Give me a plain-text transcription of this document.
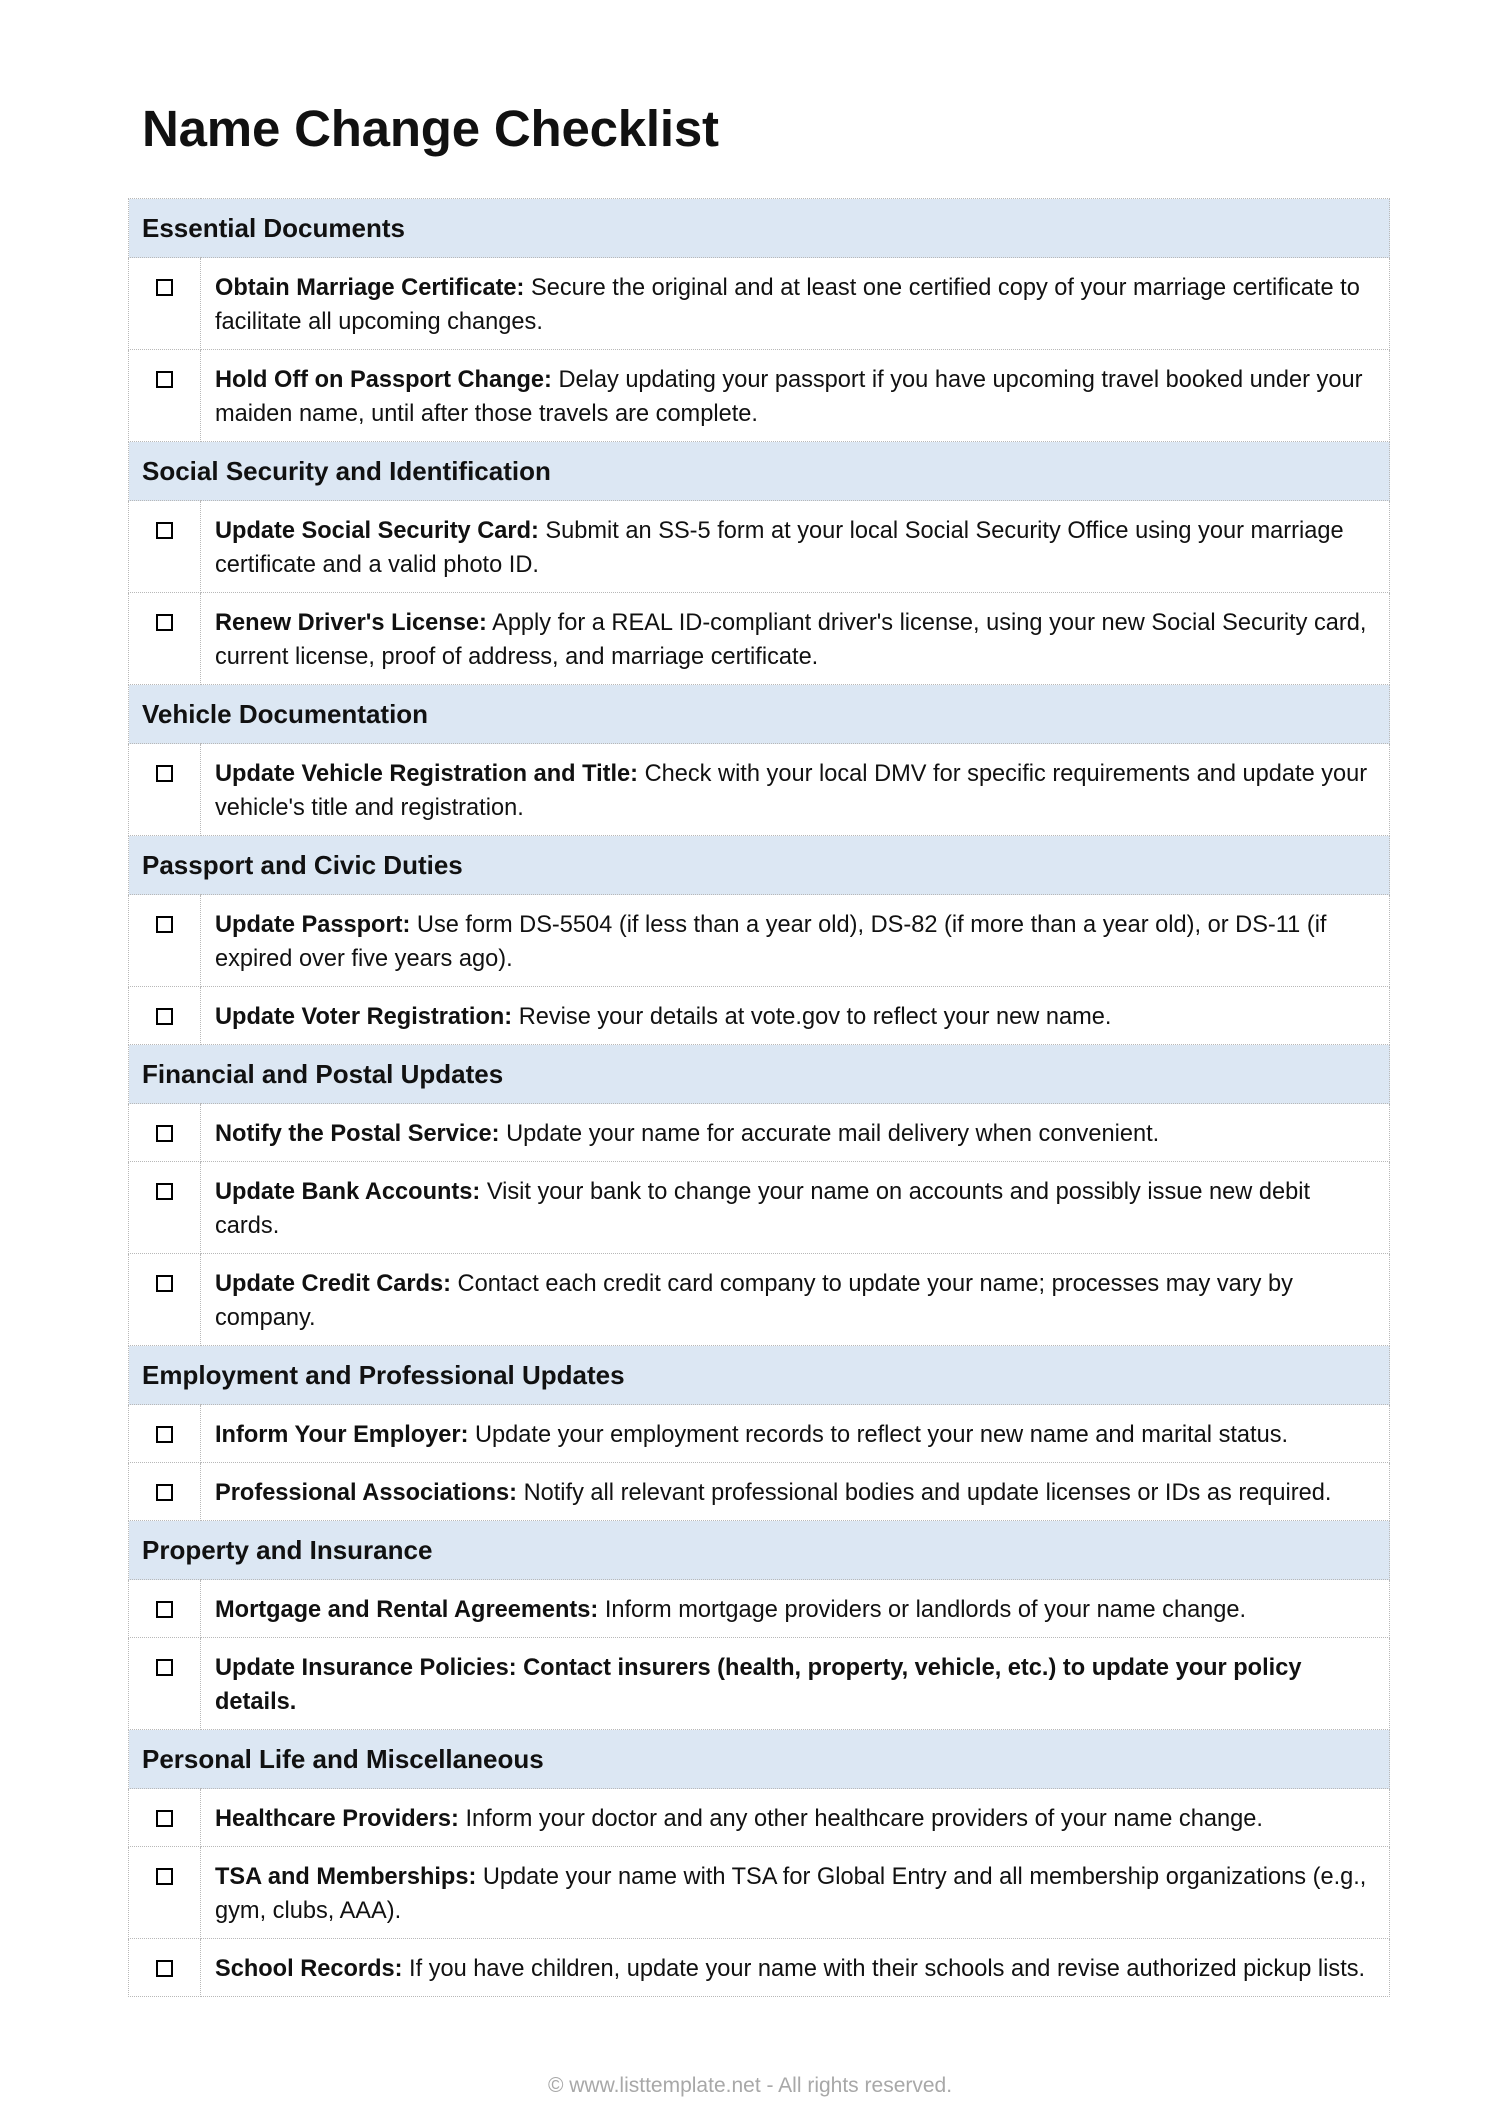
Name Change Checklist
Essential Documents	
	Obtain Marriage Certificate: Secure the original and at least one certified copy of your marriage certificate to facilitate all upcoming changes.
	Hold Off on Passport Change: Delay updating your passport if you have upcoming travel booked under your maiden name, until after those travels are complete.
Social Security and Identification	
	Update Social Security Card: Submit an SS-5 form at your local Social Security Office using your marriage certificate and a valid photo ID.
	Renew Driver's License: Apply for a REAL ID-compliant driver's license, using your new Social Security card, current license, proof of address, and marriage certificate.
Vehicle Documentation	
	Update Vehicle Registration and Title: Check with your local DMV for specific requirements and update your vehicle's title and registration.
Passport and Civic Duties	
	Update Passport: Use form DS-5504 (if less than a year old), DS-82 (if more than a year old), or DS-11 (if expired over five years ago).
	Update Voter Registration: Revise your details at vote.gov to reflect your new name.
Financial and Postal Updates	
	Notify the Postal Service: Update your name for accurate mail delivery when convenient.
	Update Bank Accounts: Visit your bank to change your name on accounts and possibly issue new debit cards.
	Update Credit Cards: Contact each credit card company to update your name; processes may vary by company.
Employment and Professional Updates	
	Inform Your Employer: Update your employment records to reflect your new name and marital status.
	Professional Associations: Notify all relevant professional bodies and update licenses or IDs as required.
Property and Insurance	
	Mortgage and Rental Agreements: Inform mortgage providers or landlords of your name change.
	Update Insurance Policies: Contact insurers (health, property, vehicle, etc.) to update your policy details.
Personal Life and Miscellaneous	
	Healthcare Providers: Inform your doctor and any other healthcare providers of your name change.
	TSA and Memberships: Update your name with TSA for Global Entry and all membership organizations (e.g., gym, clubs, AAA).
	School Records: If you have children, update your name with their schools and revise authorized pickup lists.
© www.listtemplate.net - All rights reserved.
